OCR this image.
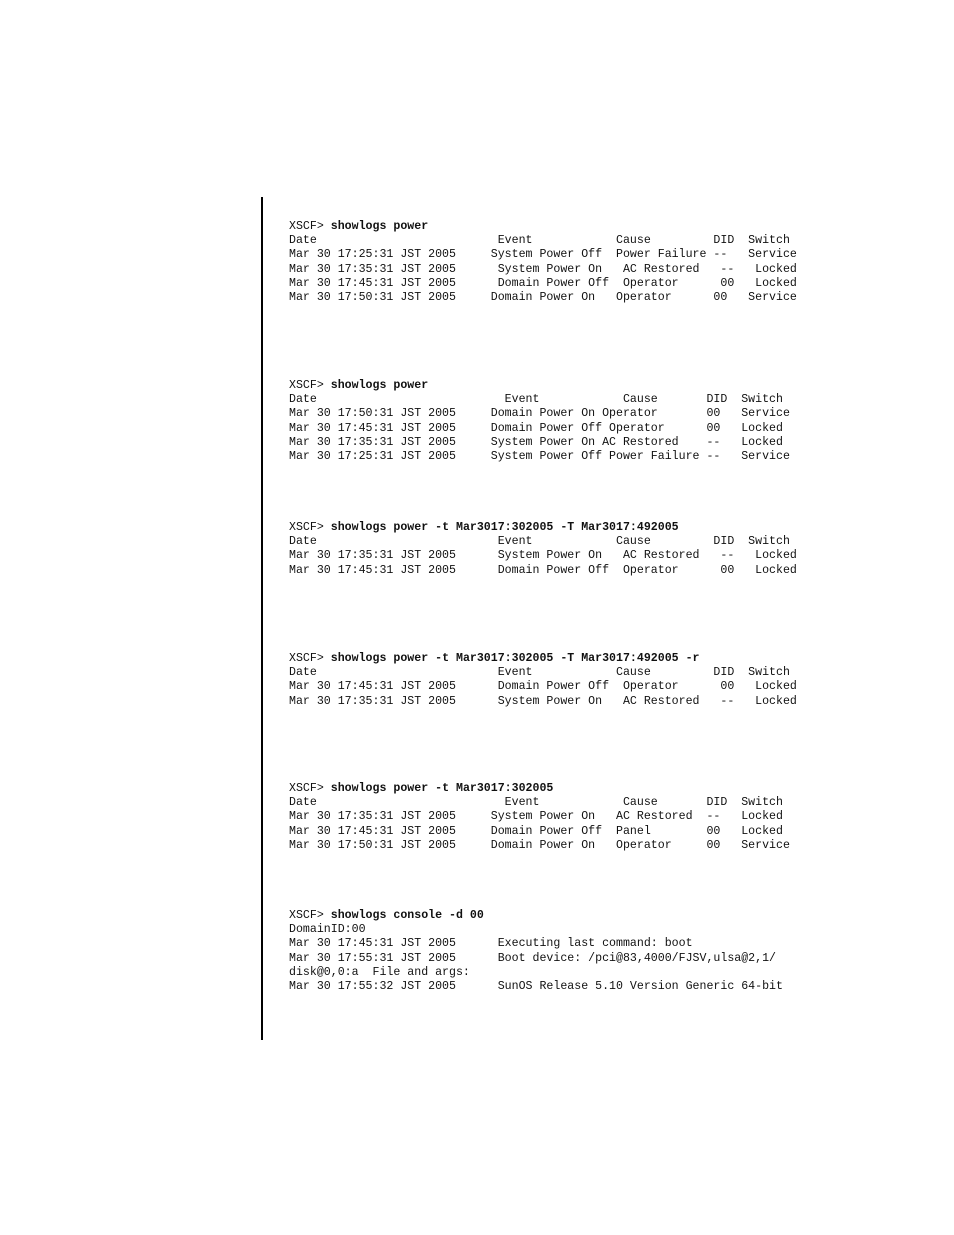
XSCF> showlogs power
Date                          Event            Cause         DID  Switch
Mar 30 17:25:31 JST 2005     System Power Off  Power Failure --   Service
Mar 30 17:35:31 JST 2005      System Power On   AC Restored   --   Locked
Mar 30 17:45:31 JST 2005      Domain Power Off  Operator      00   Locked
Mar 30 17:50:31 JST 2005     Domain Power On   Operator      00   Service
XSCF> showlogs power
Date                           Event            Cause       DID  Switch
Mar 30 17:50:31 JST 2005     Domain Power On Operator       00   Service
Mar 30 17:45:31 JST 2005     Domain Power Off Operator      00   Locked
Mar 30 17:35:31 JST 2005     System Power On AC Restored    --   Locked
Mar 30 17:25:31 JST 2005     System Power Off Power Failure --   Service
XSCF> showlogs power -t Mar3017:302005 -T Mar3017:492005
Date                          Event            Cause         DID  Switch
Mar 30 17:35:31 JST 2005      System Power On   AC Restored   --   Locked
Mar 30 17:45:31 JST 2005      Domain Power Off  Operator      00   Locked
XSCF> showlogs power -t Mar3017:302005 -T Mar3017:492005 -r
Date                          Event            Cause         DID  Switch
Mar 30 17:45:31 JST 2005      Domain Power Off  Operator      00   Locked
Mar 30 17:35:31 JST 2005      System Power On   AC Restored   --   Locked
XSCF> showlogs power -t Mar3017:302005
Date                           Event            Cause       DID  Switch
Mar 30 17:35:31 JST 2005     System Power On   AC Restored  --   Locked
Mar 30 17:45:31 JST 2005     Domain Power Off  Panel        00   Locked
Mar 30 17:50:31 JST 2005     Domain Power On   Operator     00   Service
XSCF> showlogs console -d 00
DomainID:00
Mar 30 17:45:31 JST 2005      Executing last command: boot
Mar 30 17:55:31 JST 2005      Boot device: /pci@83,4000/FJSV,ulsa@2,1/
disk@0,0:a  File and args:
Mar 30 17:55:32 JST 2005      SunOS Release 5.10 Version Generic 64-bit
